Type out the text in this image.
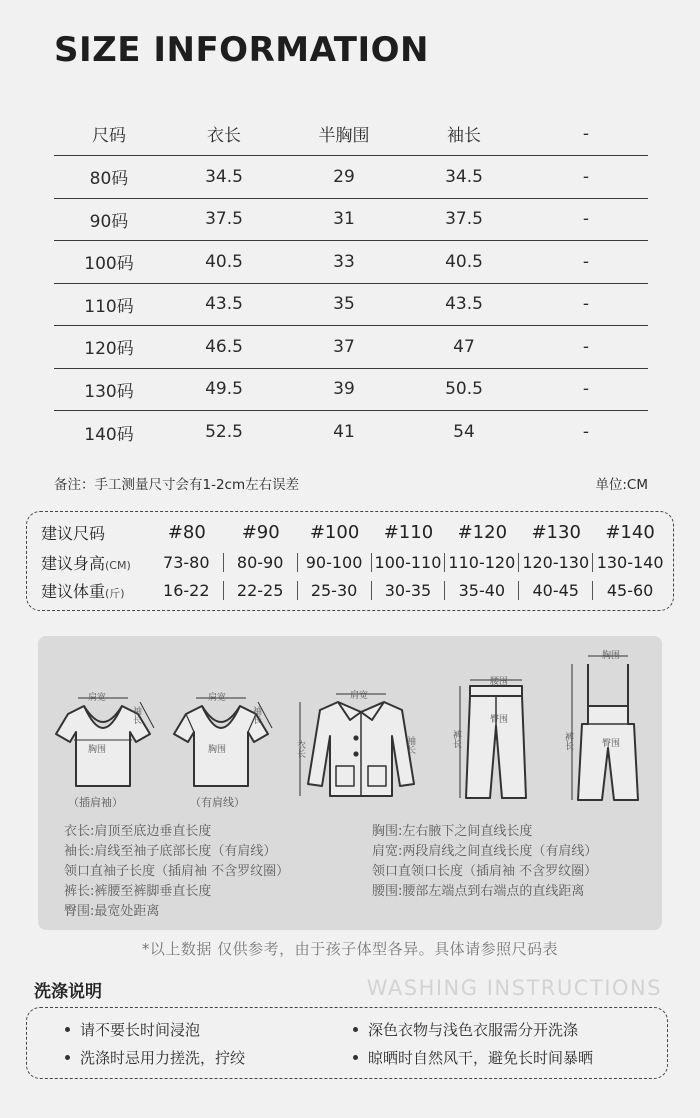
SIZE INFORMATION
尺码	衣长	半胸围	袖长	-
80码	34.5	29	34.5	-
90码	37.5	31	37.5	-
100码	40.5	33	40.5	-
110码	43.5	35	43.5	-
120码	46.5	37	47	-
130码	49.5	39	50.5	-
140码	52.5	41	54	-
备注：手工测量尺寸会有1-2cm左右误差	单位:CM
建议尺码	#80	#90	#100	#110	#120	#130	#140
建议身高(CM)	73-80	80-90	90-100 100-110 110-120 120-130 130-140
建议体重(斤)	16-22	22-25	25-30	30-35	35-40	40-45	45-60
肩宽
袖长
胸围
（插肩袖）
肩宽
袖长
胸围
（有肩线）
肩宽
衣长	袖长
腰围
裤长
臀围
胸围
裤长	臀围
衣长:肩顶至底边垂直长度
袖长:肩线至袖子底部长度（有肩线）
领口直袖子长度（插肩袖 不含罗纹圈）
裤长:裤腰至裤脚垂直长度
臀围:最宽处距离
胸围:左右腋下之间直线长度
肩宽:两段肩线之间直线长度（有肩线）
领口直领口长度（插肩袖 不含罗纹圈）
腰围:腰部左端点到右端点的直线距离
*以上数据 仅供参考，由于孩子体型各异。具体请参照尺码表
洗涤说明	WASHING INSTRUCTIONS
请不要长时间浸泡	深色衣物与浅色衣服需分开洗涤
洗涤时忌用力搓洗，拧绞	晾晒时自然风干，避免长时间暴晒
